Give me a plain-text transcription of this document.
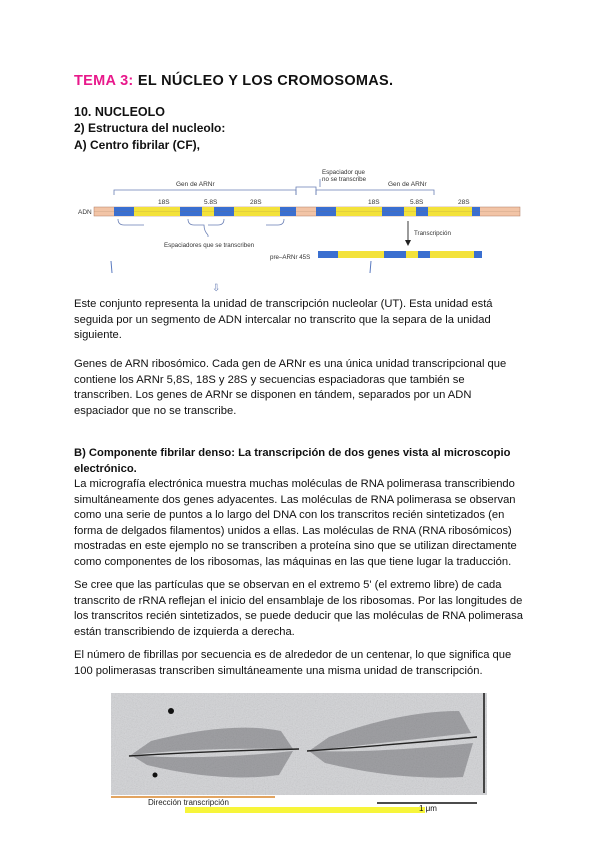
TEMA 3: EL NÚCLEO Y LOS CROMOSOMAS.
10. NUCLEOLO
2) Estructura del nucleolo:
A) Centro fibrilar (CF),
Gen de ARNr	Gen de ARNr
Espaciador que
no se transcribe
18S	5.8S	28S	18S	5.8S	28S
ADN
Espaciadores que se transcriben
Transcripción
pre–ARNr 45S
⇩
Este conjunto representa la unidad de transcripción nucleolar (UT). Esta unidad está seguida por un segmento de ADN intercalar no transcrito que la separa de la unidad siguiente.
Genes de ARN ribosómico. Cada gen de ARNr es una única unidad transcripcional que contiene los ARNr 5,8S, 18S y 28S y secuencias espaciadoras que también se transcriben. Los genes de ARNr se disponen en tándem, separados por un ADN espaciador que no se transcribe.
B) Componente fibrilar denso: La transcripción de dos genes vista al microscopio electrónico.
La micrografía electrónica muestra muchas moléculas de RNA polimerasa transcribiendo simultáneamente dos genes adyacentes. Las moléculas de RNA polimerasa se observan como una serie de puntos a lo largo del DNA con los transcritos recién sintetizados (en forma de delgados filamentos) unidos a ellas. Las moléculas de RNA (RNA ribosómicos) mostradas en este ejemplo no se transcriben a proteína sino que se utilizan directamente como componentes de los ribosomas, las máquinas en las que tiene lugar la traducción.
Se cree que las partículas que se observan en el extremo 5' (el extremo libre) de cada transcrito de rRNA reflejan el inicio del ensamblaje de los ribosomas. Por las longitudes de los transcritos recién sintetizados, se puede deducir que las moléculas de RNA polimerasa están transcribiendo de izquierda a derecha.
El número de fibrillas por secuencia es de alrededor de un centenar, lo que significa que 100 polimerasas transcriben simultáneamente una misma unidad de transcripción.
Dirección transcripción
1 μm
